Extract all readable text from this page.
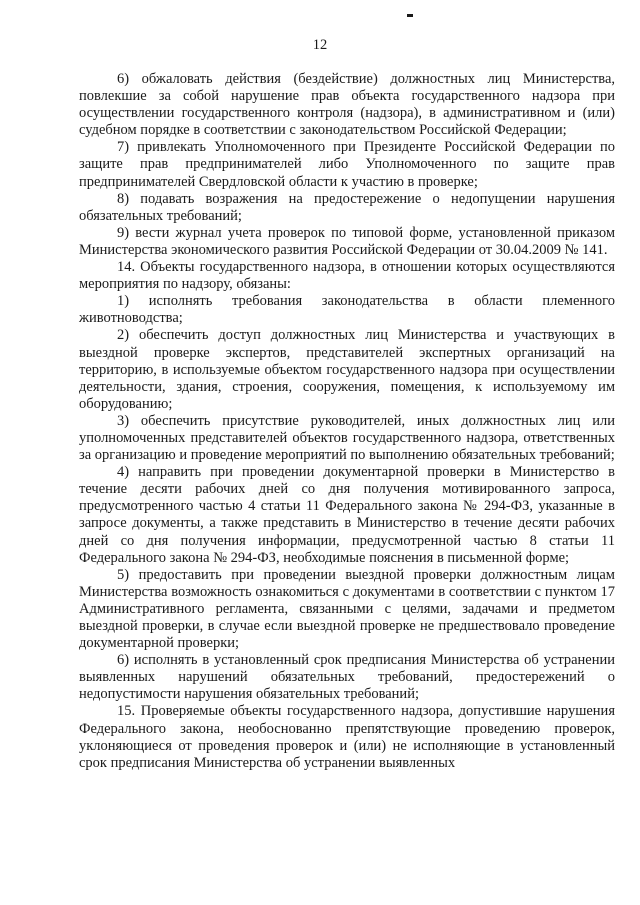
12

6) обжаловать действия (бездействие) должностных лиц Министерства, повлекшие за собой нарушение прав объекта государственного надзора при осуществлении государственного контроля (надзора), в административном и (или) судебном порядке в соответствии с законодательством Российской Федерации;

7) привлекать Уполномоченного при Президенте Российской Федерации по защите прав предпринимателей либо Уполномоченного по защите прав предпринимателей Свердловской области к участию в проверке;

8) подавать возражения на предостережение о недопущении нарушения обязательных требований;

9) вести журнал учета проверок по типовой форме, установленной приказом Министерства экономического развития Российской Федерации от 30.04.2009 № 141.

14. Объекты государственного надзора, в отношении которых осуществляются мероприятия по надзору, обязаны:

1) исполнять требования законодательства в области племенного животноводства;

2) обеспечить доступ должностных лиц Министерства и участвующих в выездной проверке экспертов, представителей экспертных организаций на территорию, в используемые объектом государственного надзора при осуществлении деятельности, здания, строения, сооружения, помещения, к используемому им оборудованию;

3) обеспечить присутствие руководителей, иных должностных лиц или уполномоченных представителей объектов государственного надзора, ответственных за организацию и проведение мероприятий по выполнению обязательных требований;

4) направить при проведении документарной проверки в Министерство в течение десяти рабочих дней со дня получения мотивированного запроса, предусмотренного частью 4 статьи 11 Федерального закона № 294-ФЗ, указанные в запросе документы, а также представить в Министерство в течение десяти рабочих дней со дня получения информации, предусмотренной частью 8 статьи 11 Федерального закона № 294-ФЗ, необходимые пояснения в письменной форме;

5) предоставить при проведении выездной проверки должностным лицам Министерства возможность ознакомиться с документами в соответствии с пунктом 17 Административного регламента, связанными с целями, задачами и предметом выездной проверки, в случае если выездной проверке не предшествовало проведение документарной проверки;

6) исполнять в установленный срок предписания Министерства об устранении выявленных нарушений обязательных требований, предостережений о недопустимости нарушения обязательных требований;

15. Проверяемые объекты государственного надзора, допустившие нарушения Федерального закона, необоснованно препятствующие проведению проверок, уклоняющиеся от проведения проверок и (или) не исполняющие в установленный срок предписания Министерства об устранении выявленных
